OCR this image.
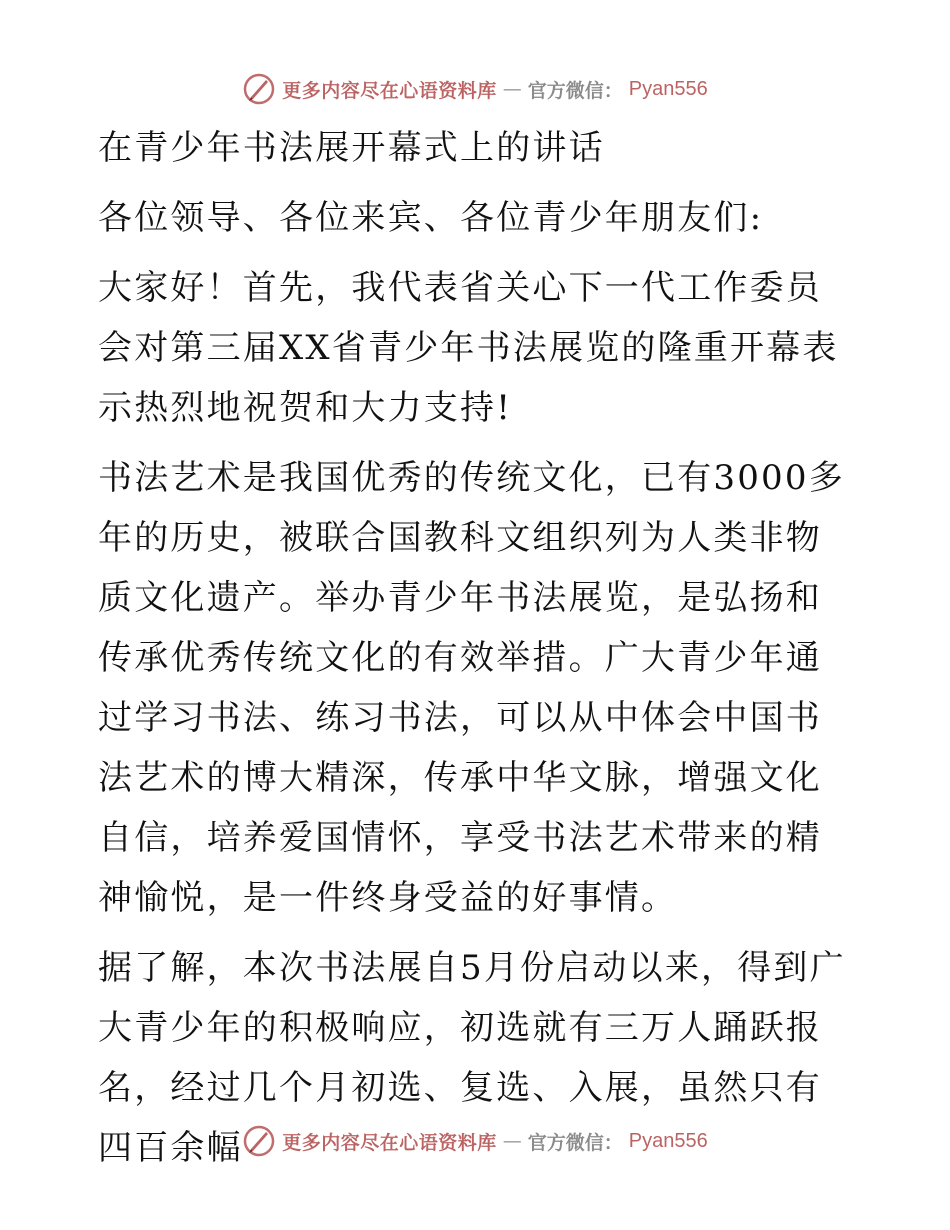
更多内容尽在心语资料库 — 官方微信： Pyan556

在青少年书法展开幕式上的讲话

各位领导、各位来宾、各位青少年朋友们:

大家好！首先，我代表省关心下一代工作委员会对第三届XX省青少年书法展览的隆重开幕表示热烈地祝贺和大力支持!

书法艺术是我国优秀的传统文化，已有3000多年的历史，被联合国教科文组织列为人类非物质文化遗产。举办青少年书法展览，是弘扬和传承优秀传统文化的有效举措。广大青少年通过学习书法、练习书法，可以从中体会中国书法艺术的博大精深，传承中华文脉，增强文化自信，培养爱国情怀，享受书法艺术带来的精神愉悦，是一件终身受益的好事情。

据了解，本次书法展自5月份启动以来，得到广大青少年的积极响应，初选就有三万人踊跃报名，经过几个月初选、复选、入展，虽然只有四百余幅	更多内容尽在心语资料库 — 官方微信： Pyan556
